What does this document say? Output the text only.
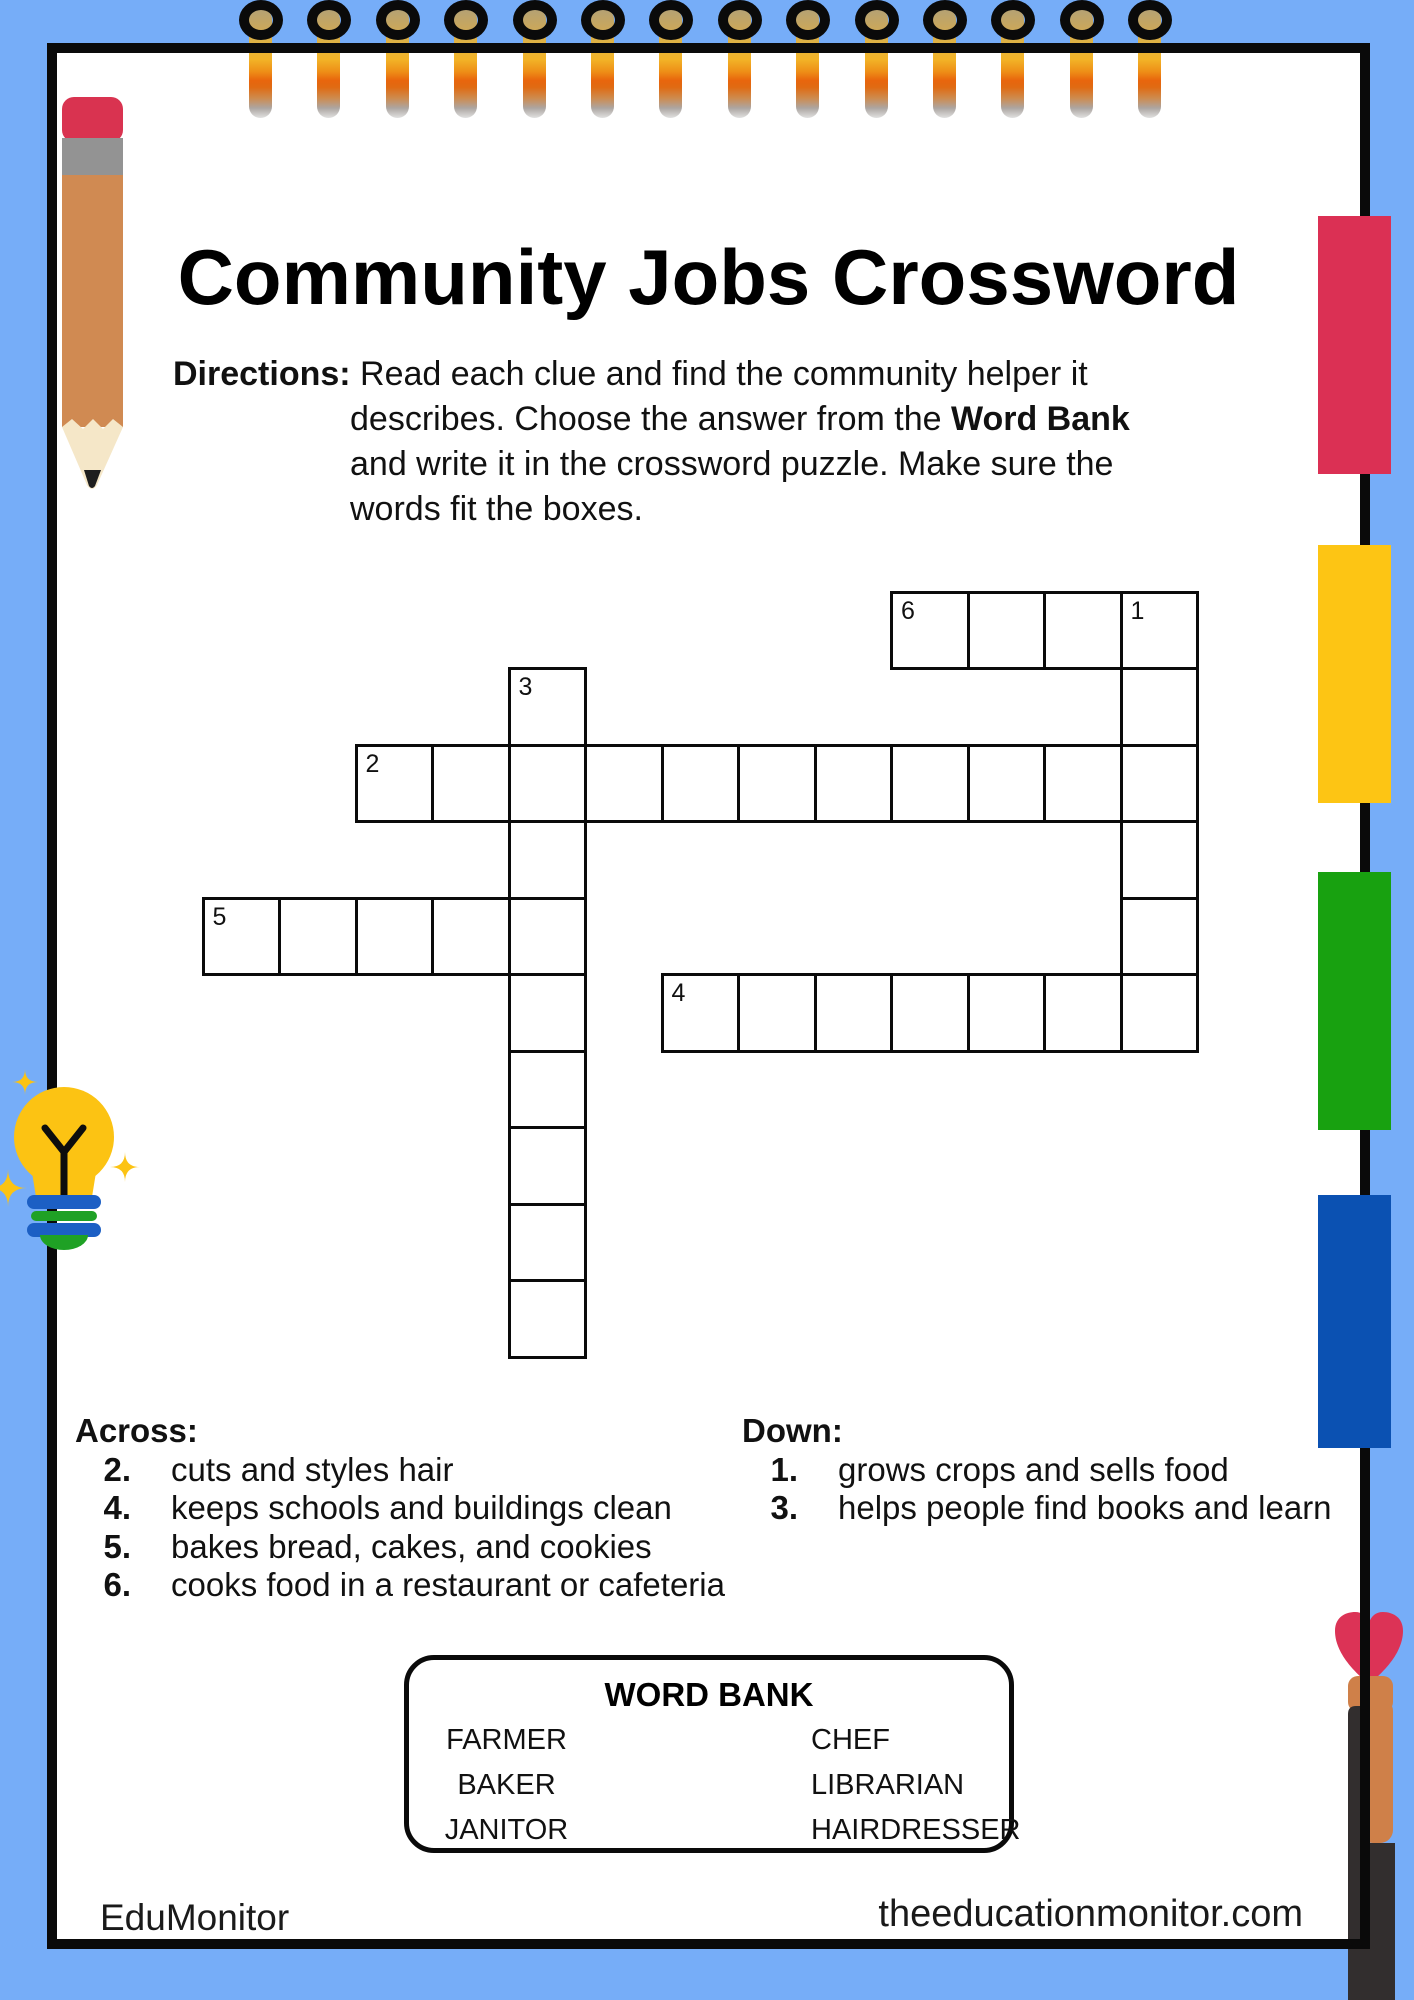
Community Jobs Crossword
Directions: Read each clue and find the community helper it
describes. Choose the answer from the Word Bank
and write it in the crossword puzzle. Make sure the
words fit the boxes.
6	1
3
2
5
4
Across:
2. cuts and styles hair
4. keeps schools and buildings clean
5. bakes bread, cakes, and cookies
6. cooks food in a restaurant or cafeteria
Down:
1. grows crops and sells food
3. helps people find books and learn
WORD BANK
FARMER
BAKER
JANITOR
CHEF
LIBRARIAN
HAIRDRESSER
EduMonitor	theeducationmonitor.com
